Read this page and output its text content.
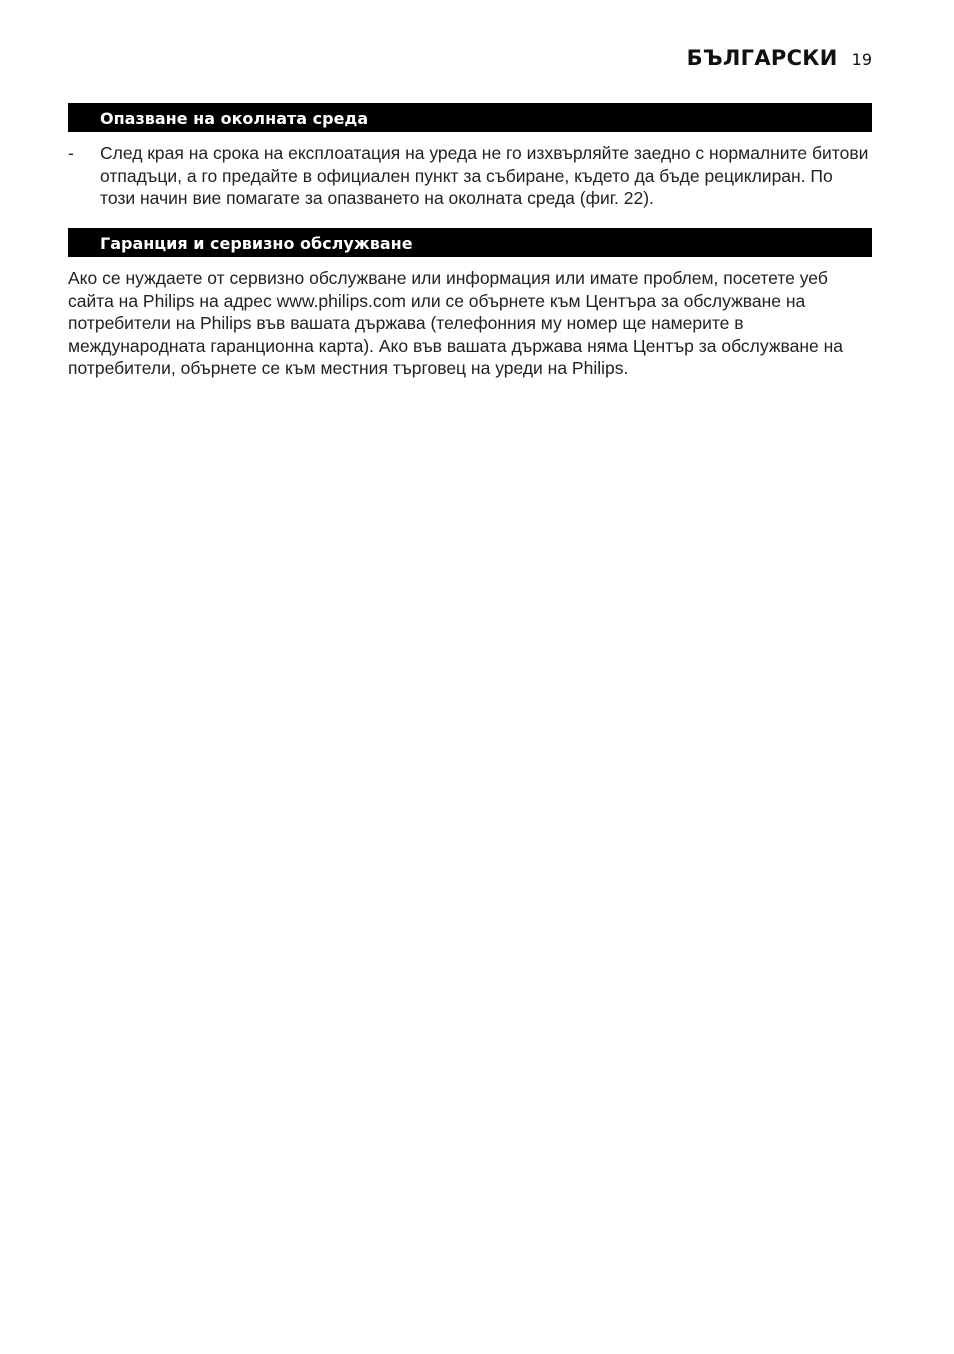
БЪЛГАРСКИ 19
Опазване на околната среда
-	След края на срока на експлоатация на уреда не го изхвърляйте заедно с нормалните битови отпадъци, а го предайте в официален пункт за събиране, където да бъде рециклиран. По този начин вие помагате за опазването на околната среда (фиг. 22).
Гаранция и сервизно обслужване

Ако се нуждаете от сервизно обслужване или информация или имате проблем, посетете уеб сайта на Philips на адрес www.philips.com или се обърнете към Центъра за обслужване на потребители на Philips във вашата държава (телефонния му номер ще намерите в международната гаранционна карта). Ако във вашата държава няма Център за обслужване на потребители, обърнете се към местния търговец на уреди на Philips.
